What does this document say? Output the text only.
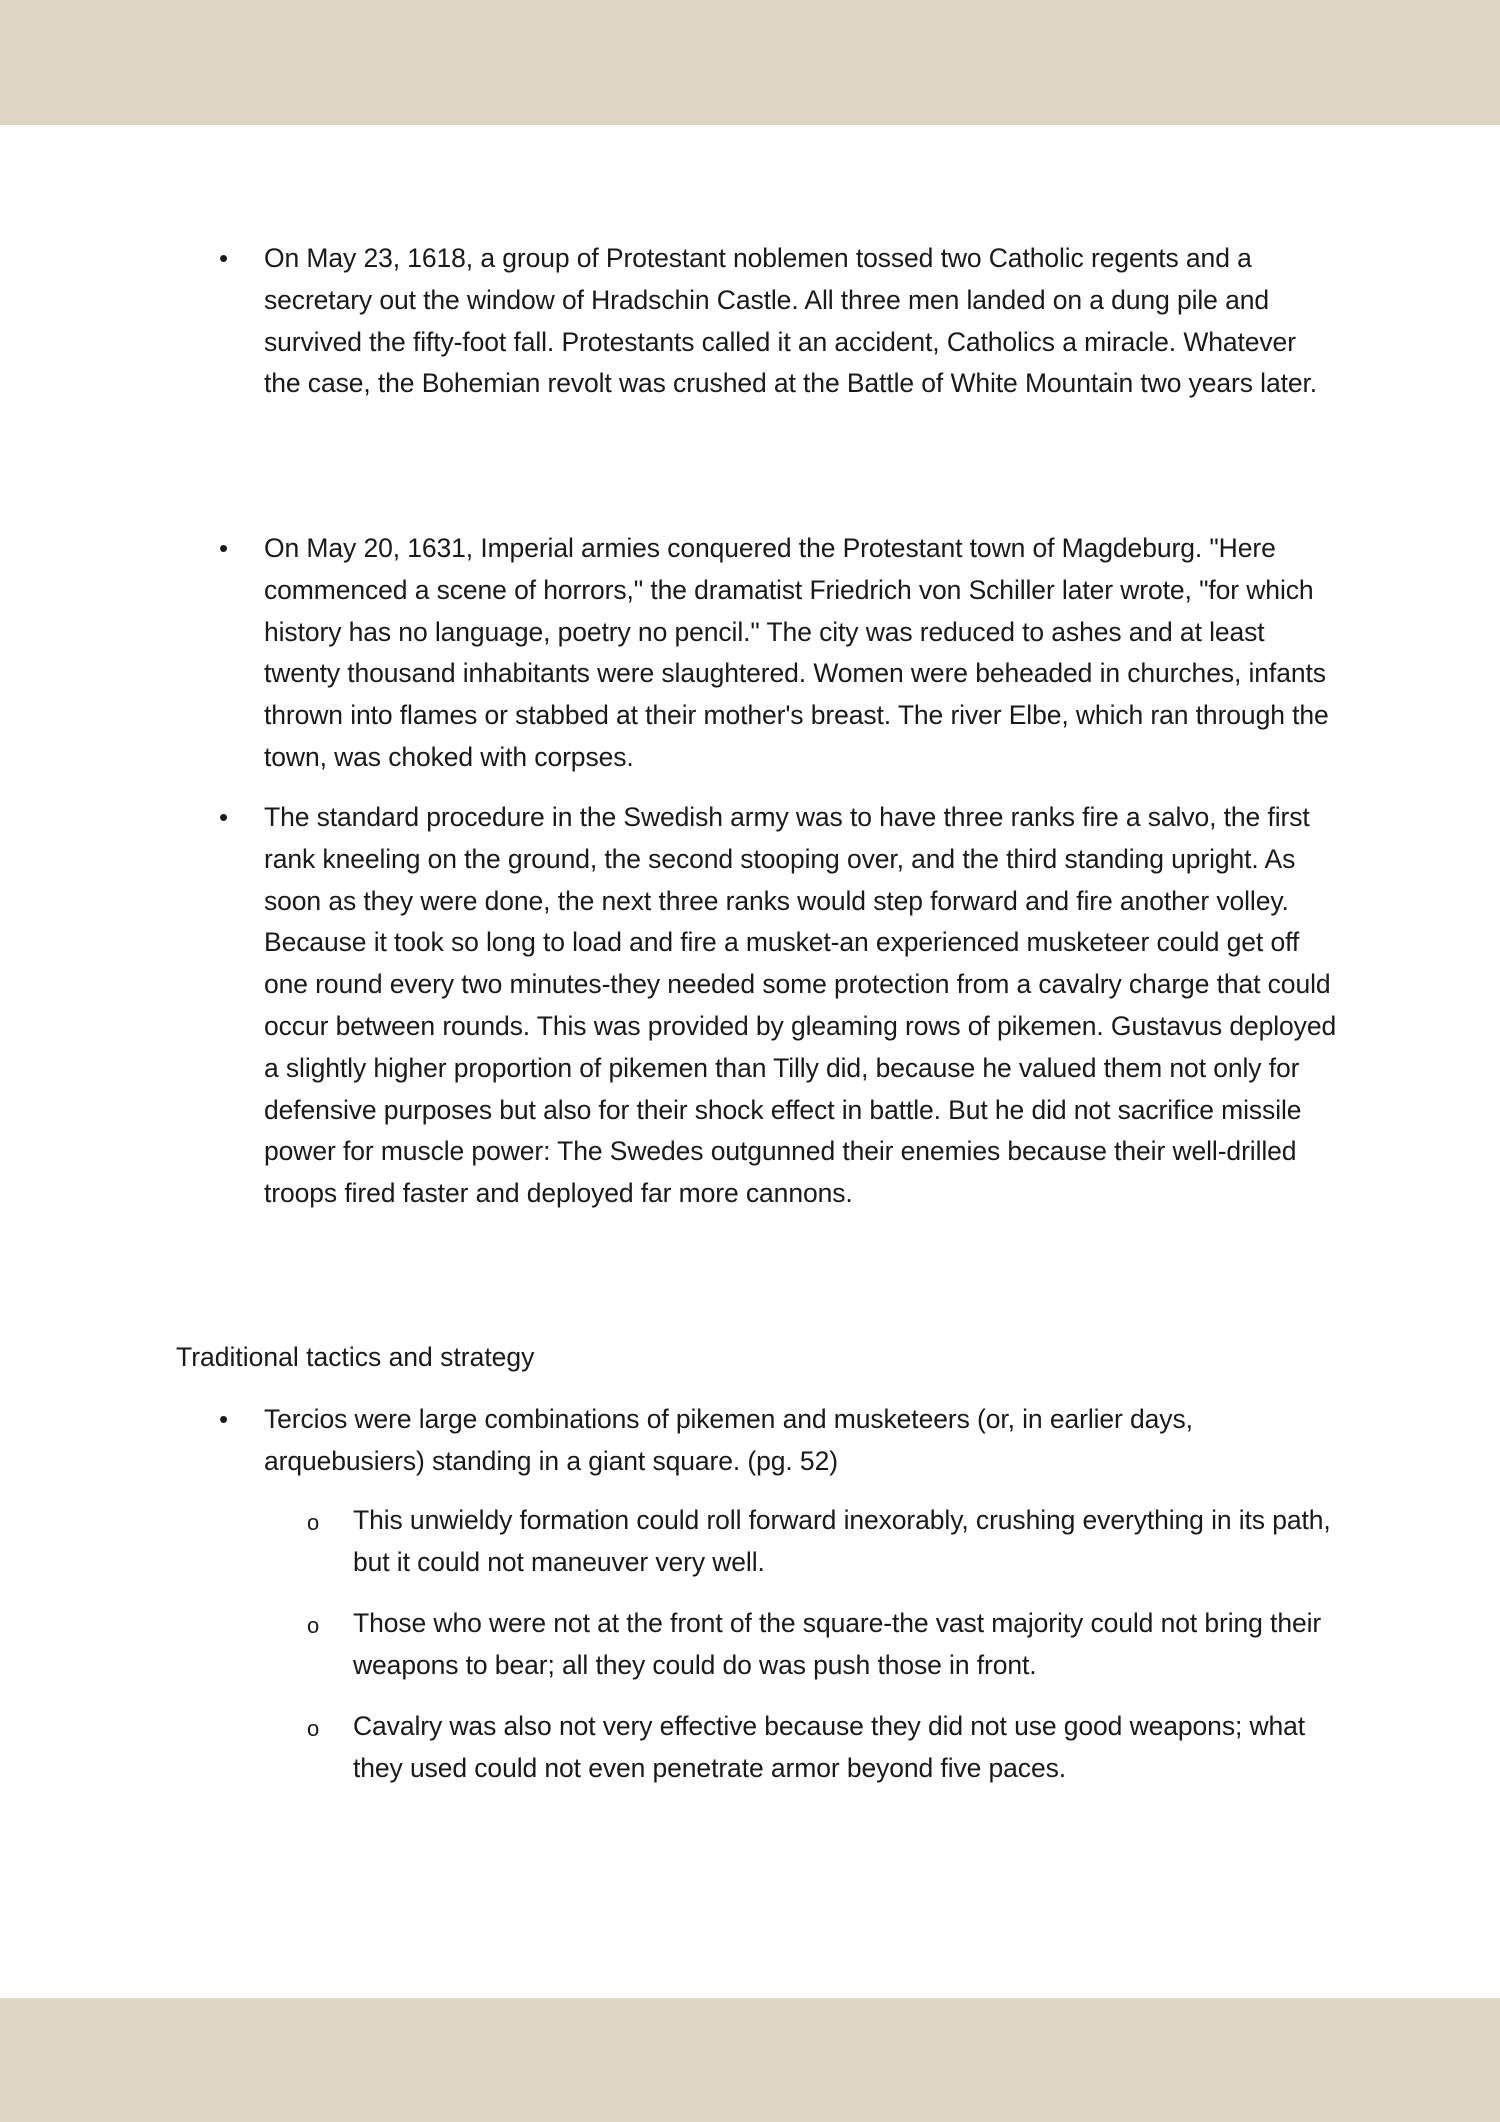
• On May 23, 1618, a group of Protestant noblemen tossed two Catholic regents and a secretary out the window of Hradschin Castle. All three men landed on a dung pile and survived the fifty-foot fall. Protestants called it an accident, Catholics a miracle. Whatever the case, the Bohemian revolt was crushed at the Battle of White Mountain two years later.
• On May 20, 1631, Imperial armies conquered the Protestant town of Magdeburg. "Here commenced a scene of horrors," the dramatist Friedrich von Schiller later wrote, "for which history has no language, poetry no pencil." The city was reduced to ashes and at least twenty thousand inhabitants were slaughtered. Women were beheaded in churches, infants thrown into flames or stabbed at their mother's breast. The river Elbe, which ran through the town, was choked with corpses.
• The standard procedure in the Swedish army was to have three ranks fire a salvo, the first rank kneeling on the ground, the second stooping over, and the third standing upright. As soon as they were done, the next three ranks would step forward and fire another volley. Because it took so long to load and fire a musket-an experienced musketeer could get off one round every two minutes-they needed some protection from a cavalry charge that could occur between rounds. This was provided by gleaming rows of pikemen. Gustavus deployed a slightly higher proportion of pikemen than Tilly did, because he valued them not only for defensive purposes but also for their shock effect in battle. But he did not sacrifice missile power for muscle power: The Swedes outgunned their enemies because their well-drilled troops fired faster and deployed far more cannons.
Traditional tactics and strategy
• Tercios were large combinations of pikemen and musketeers (or, in earlier days, arquebusiers) standing in a giant square. (pg. 52)
o This unwieldy formation could roll forward inexorably, crushing everything in its path, but it could not maneuver very well.
o Those who were not at the front of the square-the vast majority could not bring their weapons to bear; all they could do was push those in front.
o Cavalry was also not very effective because they did not use good weapons; what they used could not even penetrate armor beyond five paces.
